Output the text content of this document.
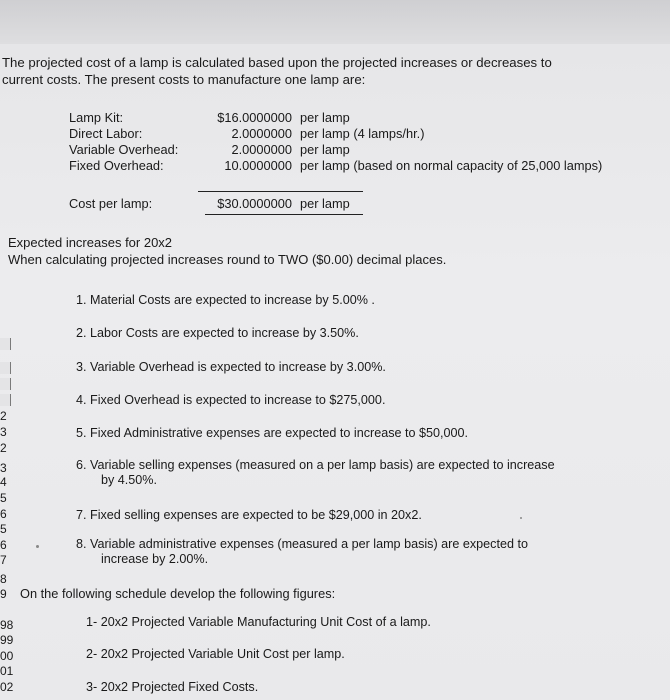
The projected cost of a lamp is calculated based upon the projected increases or decreases to
current costs. The present costs to manufacture one lamp are:
Lamp Kit:	$16.0000000 per lamp
Direct Labor:	2.0000000 per lamp (4 lamps/hr.)
Variable Overhead:	2.0000000 per lamp
Fixed Overhead:	10.0000000 per lamp (based on normal capacity of 25,000 lamps)
Cost per lamp:	$30.0000000 per lamp
Expected increases for 20x2
When calculating projected increases round to TWO ($0.00) decimal places.
1. Material Costs are expected to increase by 5.00% .
2. Labor Costs are expected to increase by 3.50%.
3. Variable Overhead is expected to increase by 3.00%.
4. Fixed Overhead is expected to increase to $275,000.
5. Fixed Administrative expenses are expected to increase to $50,000.
6. Variable selling expenses (measured on a per lamp basis) are expected to increase
by 4.50%.
7. Fixed selling expenses are expected to be $29,000 in 20x2.
8. Variable administrative expenses (measured a per lamp basis) are expected to
increase by 2.00%.
On the following schedule develop the following figures:
1- 20x2 Projected Variable Manufacturing Unit Cost of a lamp.
2- 20x2 Projected Variable Unit Cost per lamp.
3- 20x2 Projected Fixed Costs.
2
3
2
3
4
5
6
5
6
7
8
9
98
99
00
01
02
